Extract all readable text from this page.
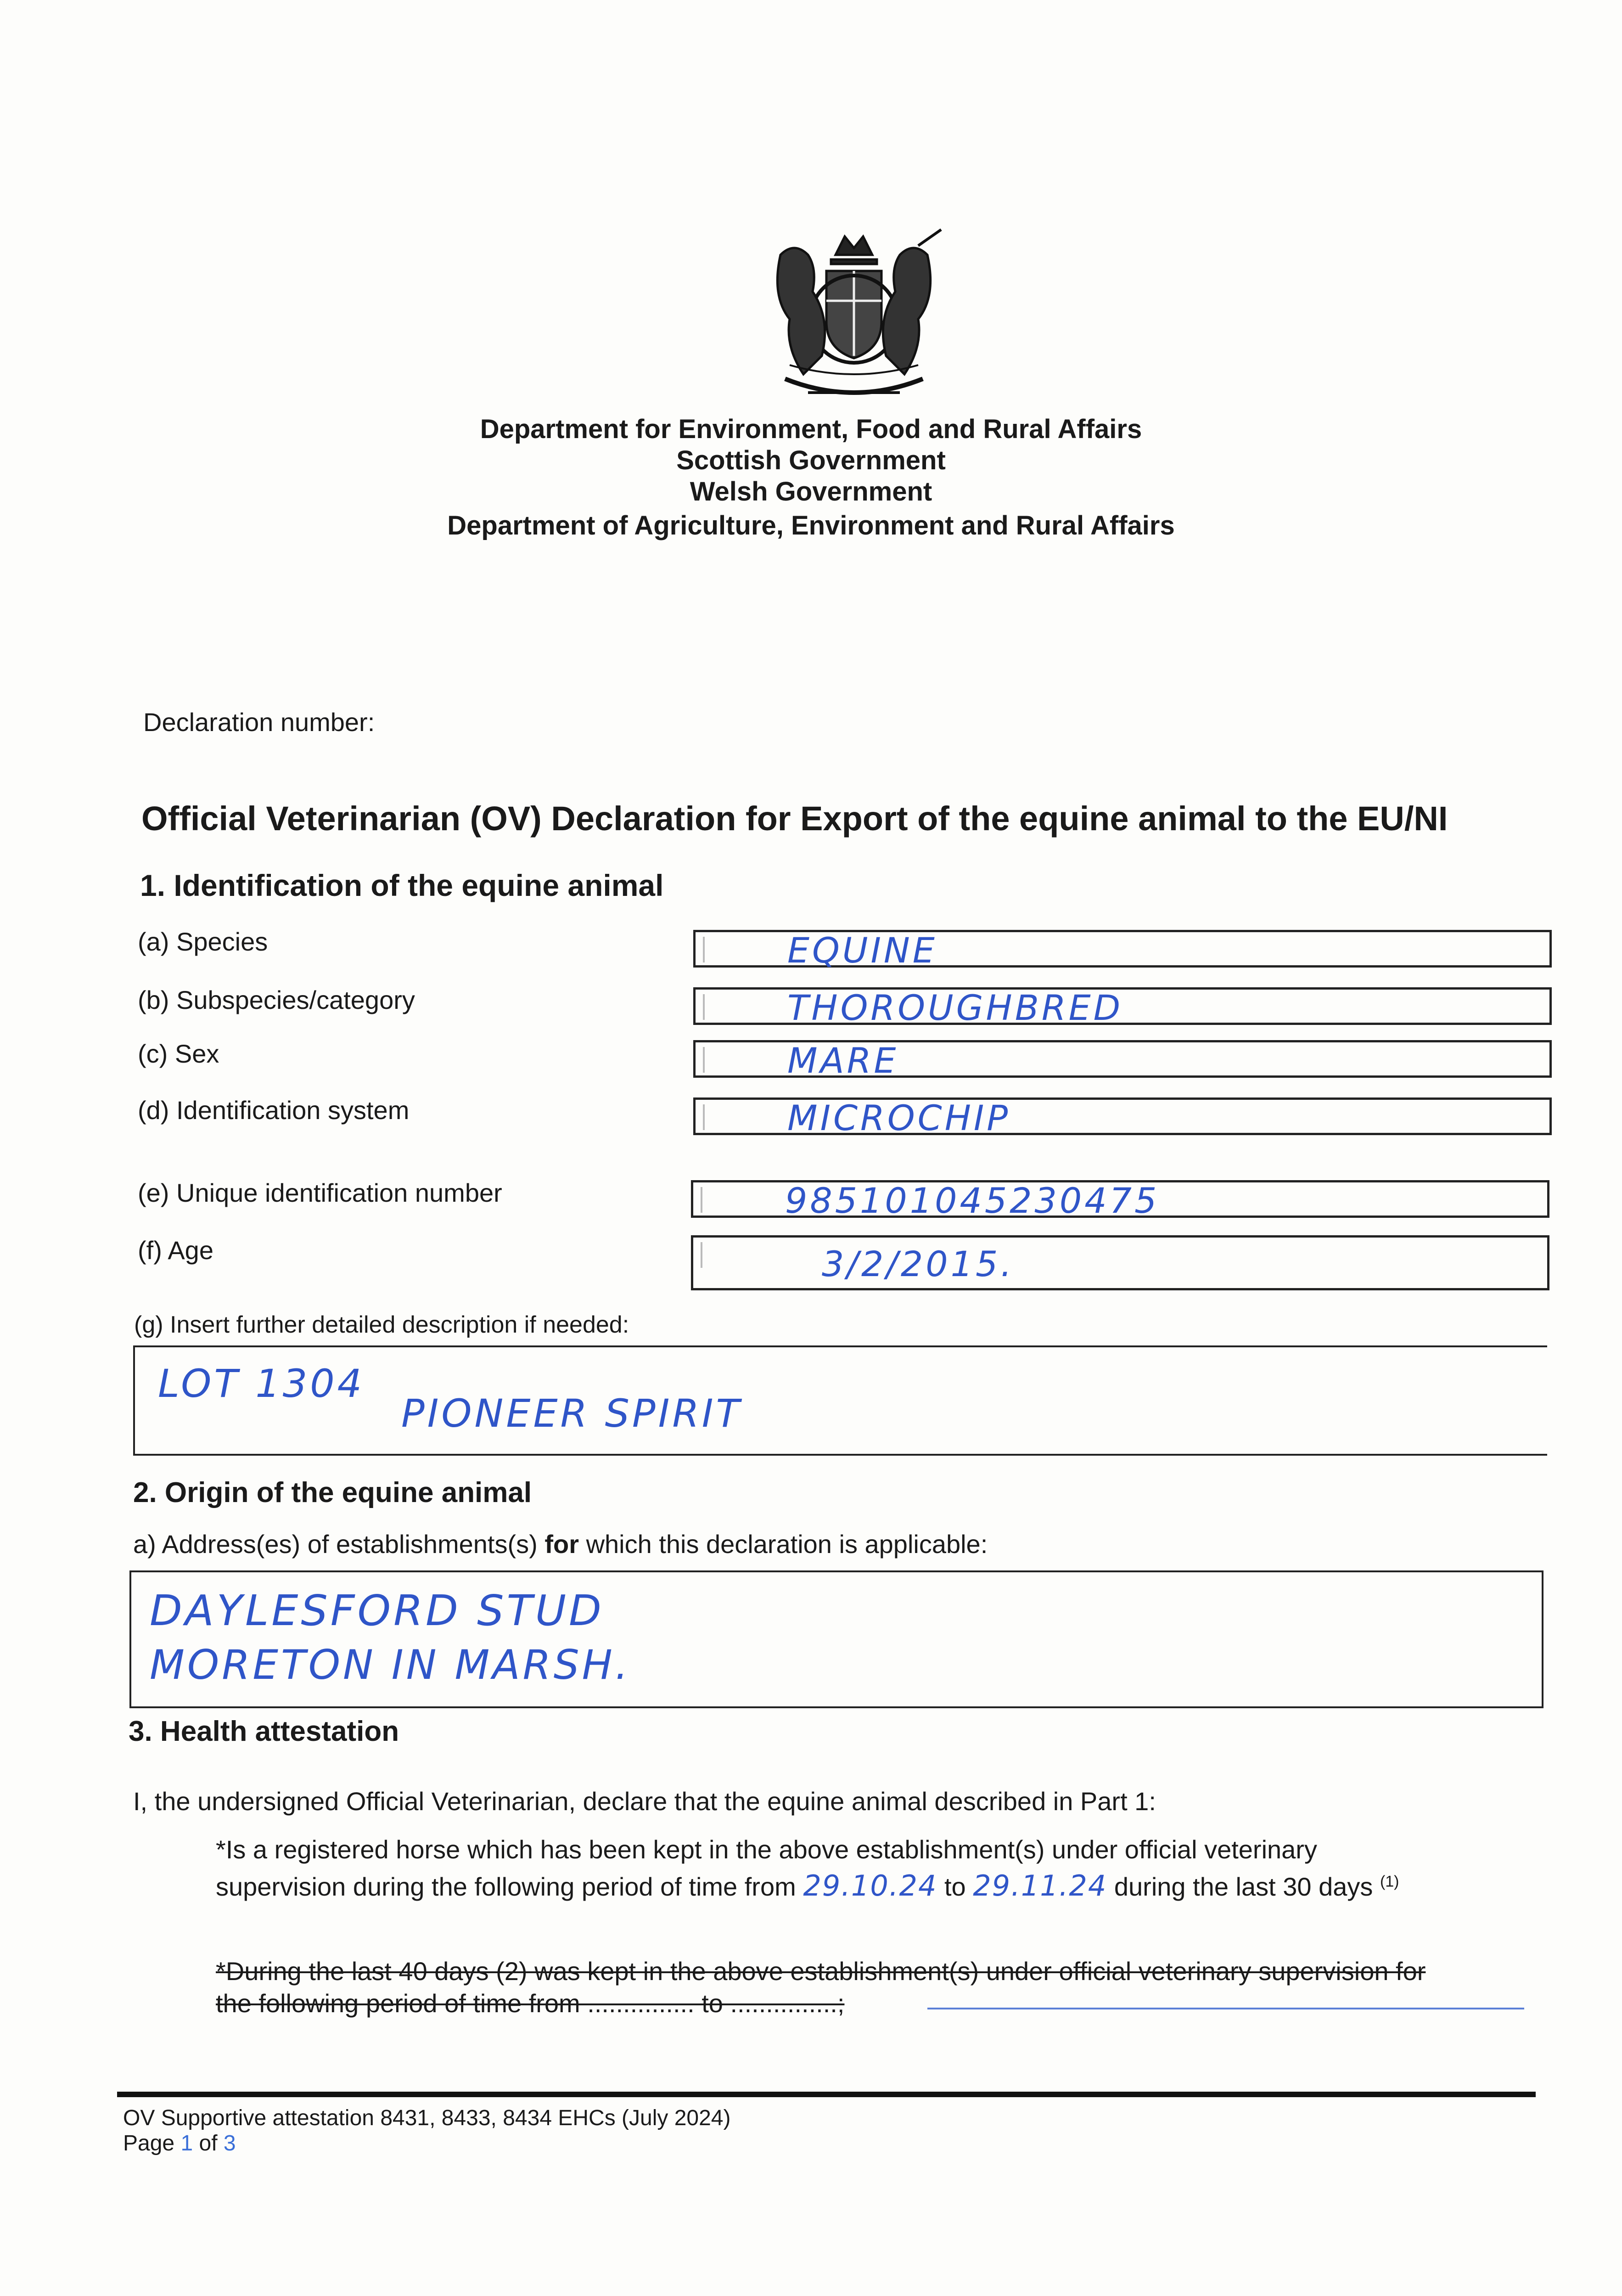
Department for Environment, Food and Rural Affairs
Scottish Government
Welsh Government
Department of Agriculture, Environment and Rural Affairs
Declaration number:
Official Veterinarian (OV) Declaration for Export of the equine animal to the EU/NI
1. Identification of the equine animal
(a) Species	EQUINE
(b) Subspecies/category	THOROUGHBRED
(c) Sex	MARE
(d) Identification system	MICROCHIP
(e) Unique identification number	985101045230475
(f) Age	3/2/2015.
(g) Insert further detailed description if needed:
LOT 1304
PIONEER SPIRIT
2. Origin of the equine animal
a) Address(es) of establishments(s) for which this declaration is applicable:
DAYLESFORD STUD
MORETON IN MARSH.
3. Health attestation
I, the undersigned Official Veterinarian, declare that the equine animal described in Part 1:
*Is a registered horse which has been kept in the above establishment(s) under official veterinary
supervision during the following period of time from 29.10.24 to 29.11.24 during the last 30 days $^{(1)}$
*During the last 40 days (2) was kept in the above establishment(s) under official veterinary supervision for
the following period of time from ............... to ...............;
OV Supportive attestation 8431, 8433, 8434 EHCs (July 2024)
Page 1 of 3
